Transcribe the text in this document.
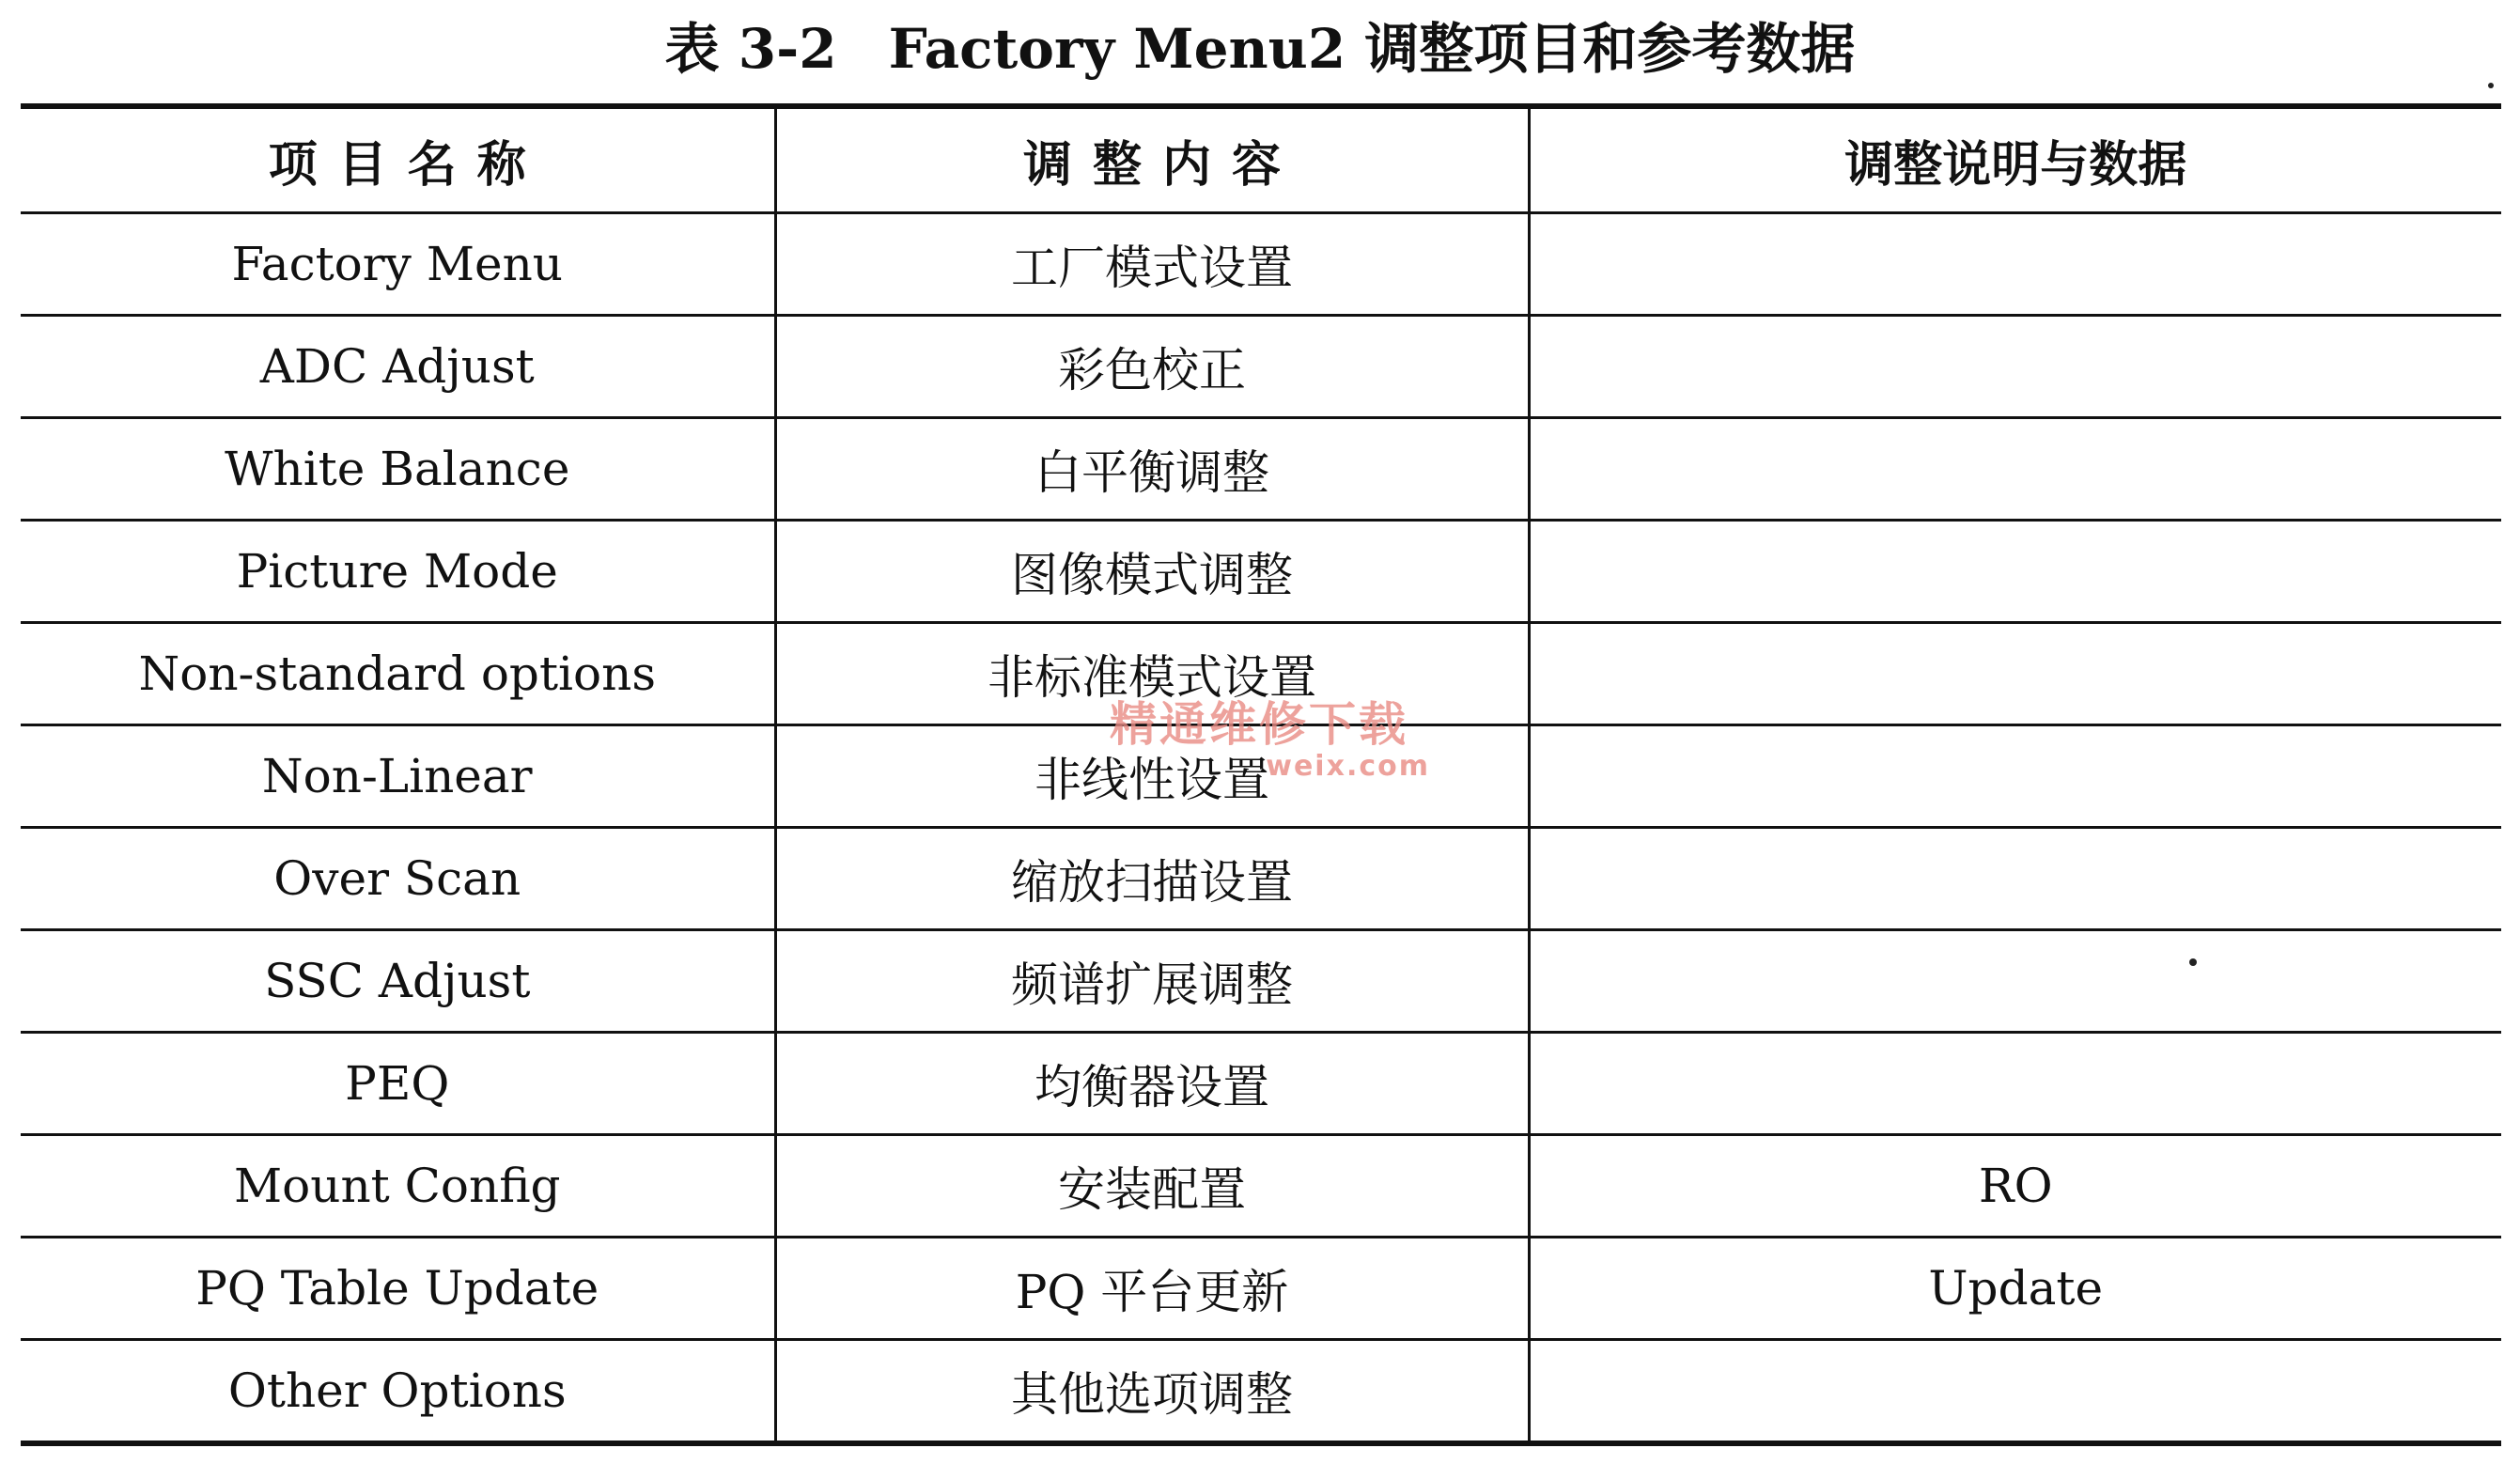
表 3-2 Factory Menu2 调整项目和参考数据
项目名称	调整内容	调整说明与数据
Factory Menu	工厂模式设置	
ADC Adjust	彩色校正	
White Balance	白平衡调整	
Picture Mode	图像模式调整	
Non-standard options	非标准模式设置	
Non-Linear	非线性设置	
Over Scan	缩放扫描设置	
SSC Adjust	频谱扩展调整	
PEQ	均衡器设置	
Mount Config	安装配置	RO
PQ Table Update	PQ 平台更新	Update
Other Options	其他选项调整	
精通维修下载
weix.com
